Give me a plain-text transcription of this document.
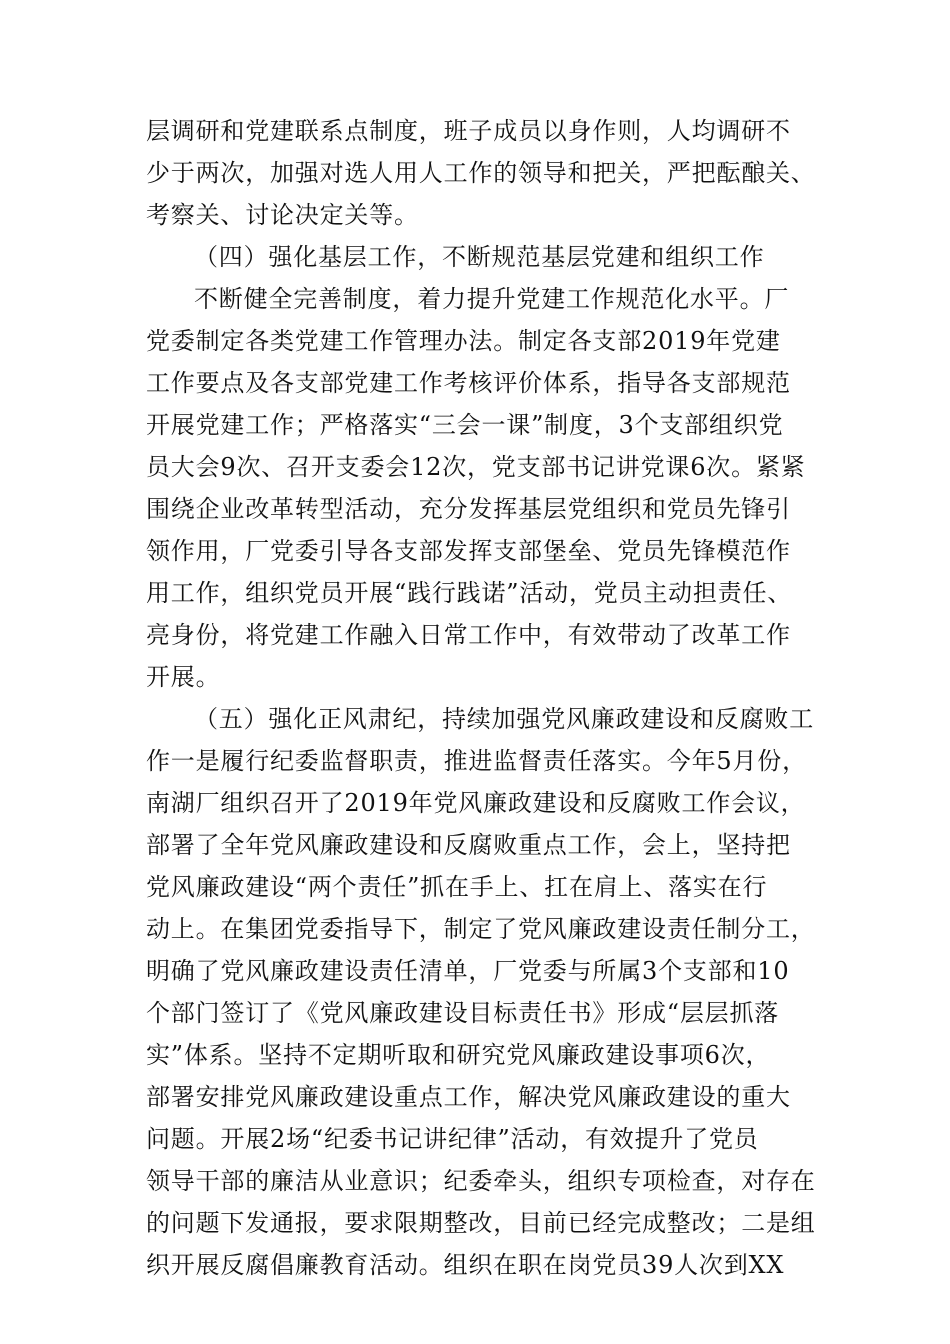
层调研和党建联系点制度，班子成员以身作则，人均调研不
少于两次，加强对选人用人工作的领导和把关，严把酝酿关、
考察关、讨论决定关等。
（四）强化基层工作，不断规范基层党建和组织工作
不断健全完善制度，着力提升党建工作规范化水平。厂
党委制定各类党建工作管理办法。制定各支部2019年党建
工作要点及各支部党建工作考核评价体系，指导各支部规范
开展党建工作；严格落实“三会一课”制度，3个支部组织党
员大会9次、召开支委会12次，党支部书记讲党课6次。紧紧
围绕企业改革转型活动，充分发挥基层党组织和党员先锋引
领作用，厂党委引导各支部发挥支部堡垒、党员先锋模范作
用工作，组织党员开展“践行践诺”活动，党员主动担责任、
亮身份，将党建工作融入日常工作中，有效带动了改革工作
开展。
（五）强化正风肃纪，持续加强党风廉政建设和反腐败工
作一是履行纪委监督职责，推进监督责任落实。今年5月份，
南湖厂组织召开了2019年党风廉政建设和反腐败工作会议，
部署了全年党风廉政建设和反腐败重点工作，会上，坚持把
党风廉政建设“两个责任”抓在手上、扛在肩上、落实在行
动上。在集团党委指导下，制定了党风廉政建设责任制分工，
明确了党风廉政建设责任清单，厂党委与所属3个支部和10
个部门签订了《党风廉政建设目标责任书》形成“层层抓落
实”体系。坚持不定期听取和研究党风廉政建设事项6次，
部署安排党风廉政建设重点工作，解决党风廉政建设的重大
问题。开展2场“纪委书记讲纪律”活动，有效提升了党员
领导干部的廉洁从业意识；纪委牵头，组织专项检查，对存在
的问题下发通报，要求限期整改，目前已经完成整改；二是组
织开展反腐倡廉教育活动。组织在职在岗党员39人次到XX
